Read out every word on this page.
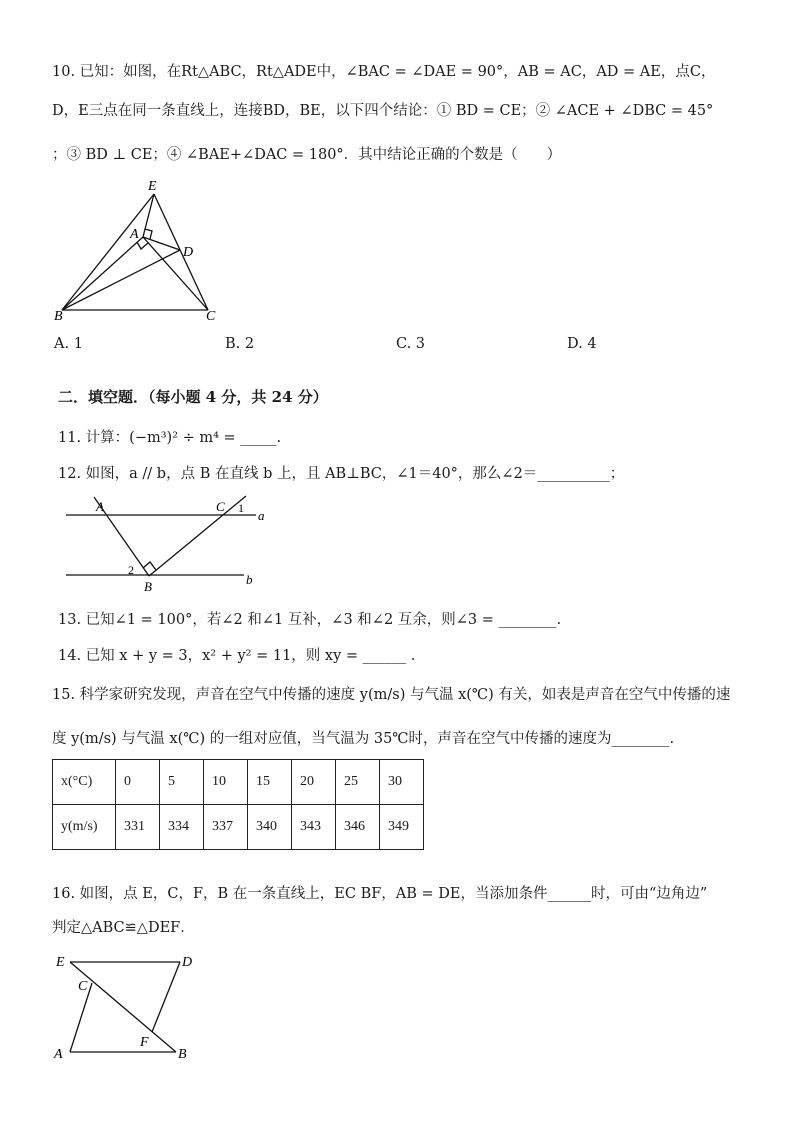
10. 已知：如图，在Rt△ABC，Rt△ADE中，∠BAC = ∠DAE = 90°，AB = AC，AD = AE，点C，
D，E三点在同一条直线上，连接BD，BE，以下四个结论：① BD = CE；② ∠ACE + ∠DBC = 45°
；③ BD ⊥ CE；④ ∠BAE+∠DAC = 180°．其中结论正确的个数是（　　）
E
A
D
B	C
A. 1	B. 2	C. 3	D. 4
二．填空题．（每小题 4 分，共 24 分）
11. 计算：(−m³)² ÷ m⁴ = _____.
12. 如图，a // b，点 B 在直线 b 上，且 AB⊥BC，∠1＝40°，那么∠2＝__________；
A	C 1 a
2
B	b
13. 已知∠1 = 100°，若∠2 和∠1 互补，∠3 和∠2 互余，则∠3 = ________.
14. 已知 x + y = 3，x² + y² = 11，则 xy = ______ .
15. 科学家研究发现，声音在空气中传播的速度 y(m/s) 与气温 x(℃) 有关，如表是声音在空气中传播的速
度 y(m/s) 与气温 x(℃) 的一组对应值，当气温为 35℃时，声音在空气中传播的速度为________.
x(°C)	0	5	10	15	20	25	30
y(m/s)	331	334	337	340	343	346	349
16. 如图，点 E，C，F，B 在一条直线上，EC BF，AB = DE，当添加条件______时，可由“边角边”
判定△ABC≌△DEF．
E	D
C
F
A	B
